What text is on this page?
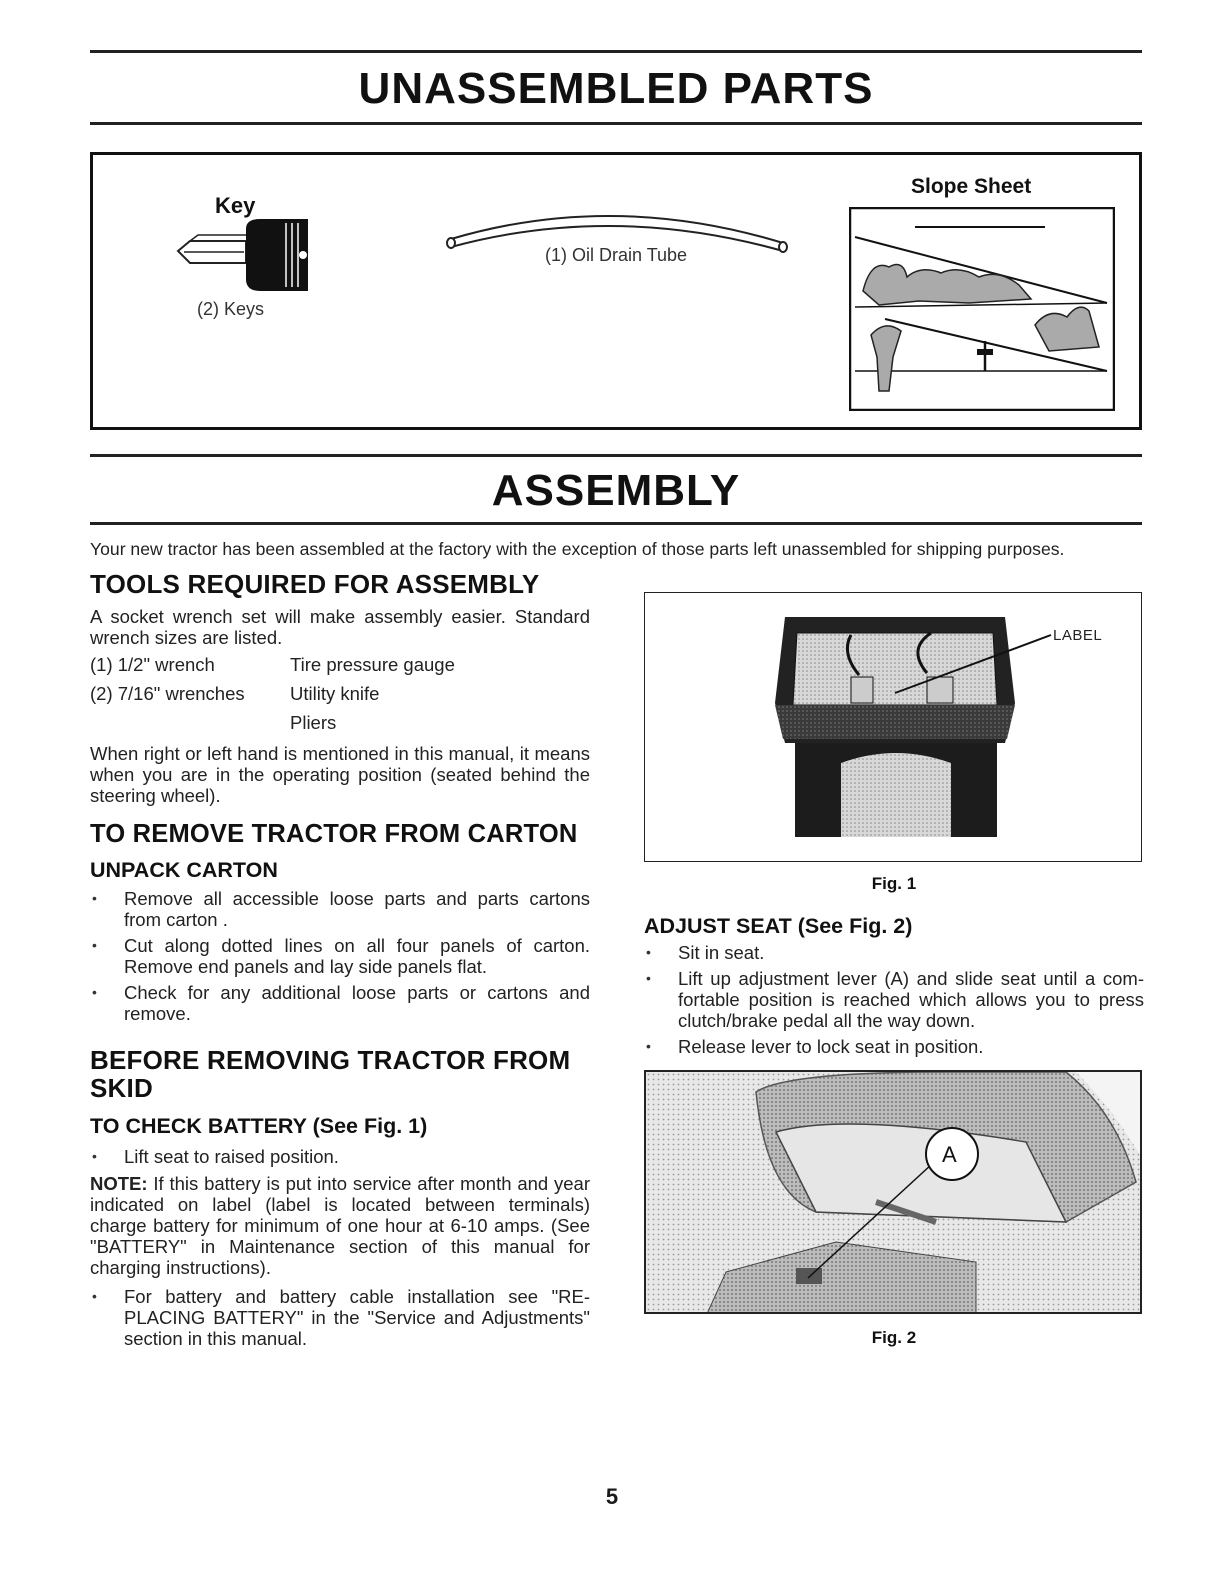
UNASSEMBLED PARTS
Key
(2) Keys
(1) Oil Drain Tube
Slope Sheet
ASSEMBLY
Your new tractor has been assembled at the factory with the exception of those parts left unassembled for shipping purposes.
TOOLS REQUIRED FOR ASSEMBLY
A socket wrench set will make assembly easier. Standard wrench sizes are listed.
(1) 1/2" wrench	Tire pressure gauge
(2) 7/16" wrenches	Utility knife
Pliers
When right or left hand is mentioned in this manual, it means when you are in the operating position (seated behind the steering wheel).
TO REMOVE TRACTOR FROM CARTON
UNPACK CARTON
• Remove all accessible loose parts and parts cartons from carton .
• Cut along dotted lines on all four panels of carton. Remove end panels and lay side panels flat.
• Check for any additional loose parts or cartons and remove.
BEFORE REMOVING TRACTOR FROM SKID
TO CHECK BATTERY (See Fig. 1)
• Lift seat to raised position.
NOTE: If this battery is put into service after month and year indicated on label (label is located between terminals) charge battery for minimum of one hour at 6-10 amps. (See "BATTERY" in Maintenance section of this manual for charging instructions).
• For battery and battery cable installation see "RE-PLACING BATTERY" in the "Service and Adjustments" section in this manual.
LABEL
Fig. 1
ADJUST SEAT (See Fig. 2)
• Sit in seat.
• Lift up adjustment lever (A) and slide seat until a com-fortable position is reached which allows you to press clutch/brake pedal all the way down.
• Release lever to lock seat in position.
A
Fig. 2
5
